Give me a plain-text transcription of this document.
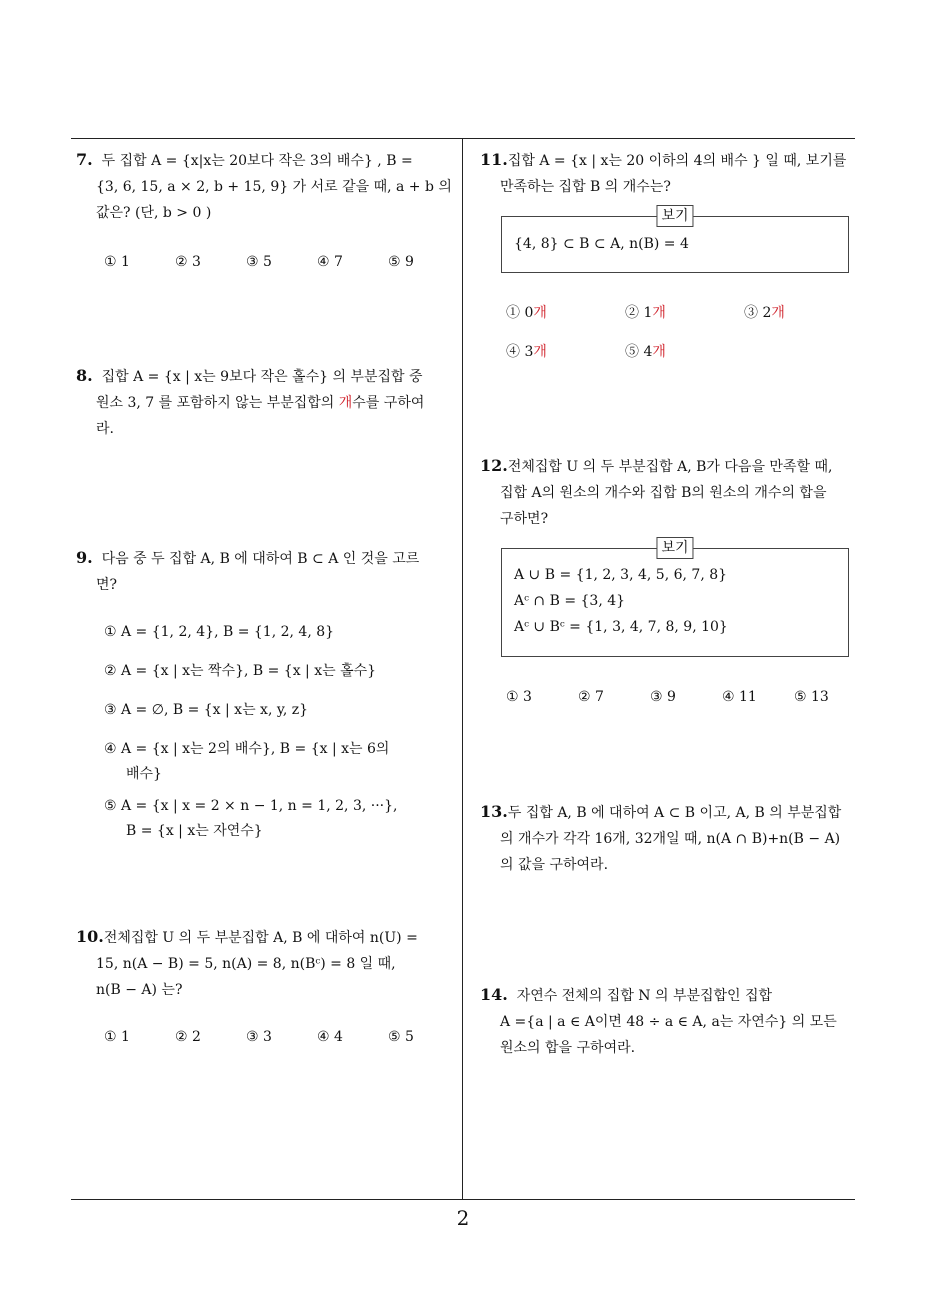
7. 두 집합 A = {x|x는 20보다 작은 3의 배수} , B =
{3, 6, 15, a × 2, b + 15, 9} 가 서로 같을 때, a + b 의
값은? (단, b > 0 )
① 1	② 3	③ 5	④ 7	⑤ 9
8. 집합 A = {x | x는 9보다 작은 홀수} 의 부분집합 중
원소 3, 7 를 포함하지 않는 부분집합의 개수를 구하여
라.
9. 다음 중 두 집합 A, B 에 대하여 B ⊂ A 인 것을 고르
면?
① A = {1, 2, 4}, B = {1, 2, 4, 8}
② A = {x | x는 짝수}, B = {x | x는 홀수}
③ A = ∅, B = {x | x는 x, y, z}
④ A = {x | x는 2의 배수}, B = {x | x는 6의
배수}
⑤ A = {x | x = 2 × n − 1, n = 1, 2, 3, ···},
B = {x | x는 자연수}
10.전체집합 U 의 두 부분집합 A, B 에 대하여 n(U) =
15, n(A − B) = 5, n(A) = 8, n(Bᶜ) = 8 일 때,
n(B − A) 는?
① 1	② 2	③ 3	④ 4	⑤ 5
11.집합 A = {x | x는 20 이하의 4의 배수 } 일 때, 보기를
만족하는 집합 B 의 개수는?
보기
{4, 8} ⊂ B ⊂ A, n(B) = 4
① 0개	② 1개	③ 2개
④ 3개	⑤ 4개
12.전체집합 U 의 두 부분집합 A, B가 다음을 만족할 때,
집합 A의 원소의 개수와 집합 B의 원소의 개수의 합을
구하면?
보기
A ∪ B = {1, 2, 3, 4, 5, 6, 7, 8}
Aᶜ ∩ B = {3, 4}
Aᶜ ∪ Bᶜ = {1, 3, 4, 7, 8, 9, 10}
① 3	② 7	③ 9	④ 11	⑤ 13
13.두 집합 A, B 에 대하여 A ⊂ B 이고, A, B 의 부분집합
의 개수가 각각 16개, 32개일 때, n(A ∩ B)+n(B − A)
의 값을 구하여라.
14. 자연수 전체의 집합 N 의 부분집합인 집합
A ={a | a ∈ A이면 48 ÷ a ∈ A, a는 자연수} 의 모든
원소의 합을 구하여라.
2
